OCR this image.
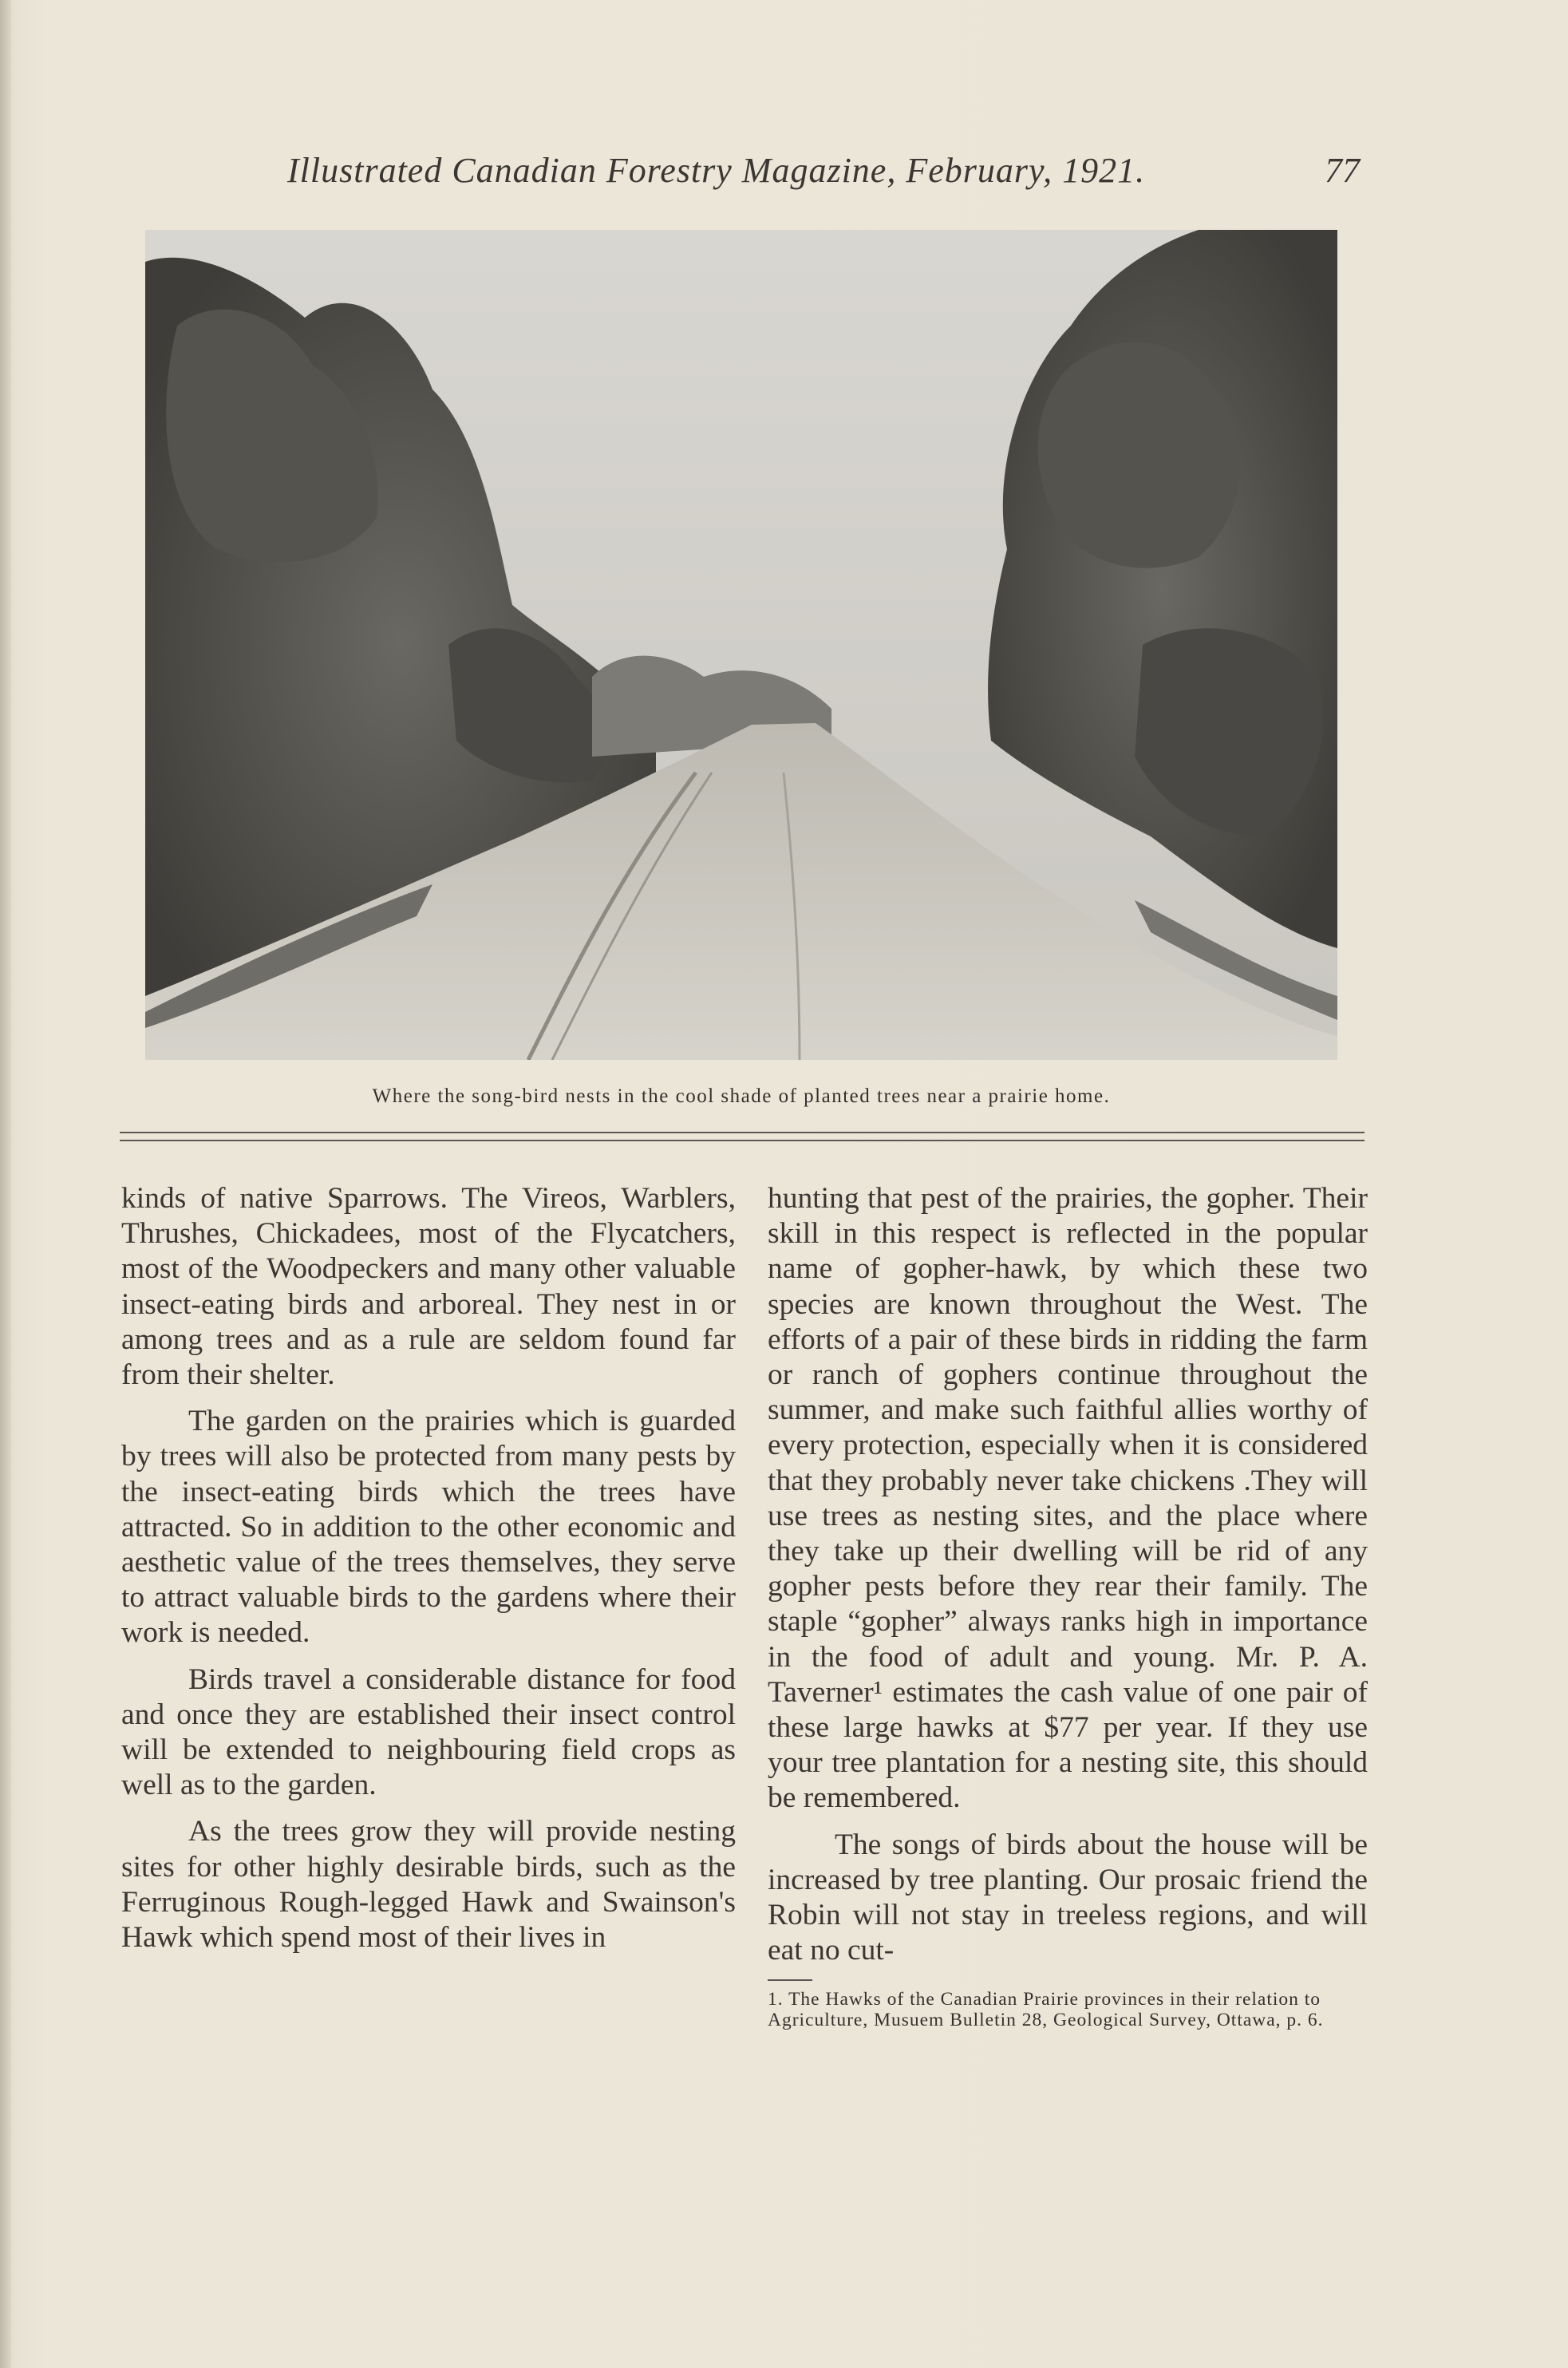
Illustrated Canadian Forestry Magazine, February, 1921.	77
Where the song-bird nests in the cool shade of planted trees near a prairie home.

kinds of native Sparrows. The Vireos, Warblers, Thrushes, Chickadees, most of the Flycatchers, most of the Woodpeckers and many other valuable insect-eating birds and arboreal. They nest in or among trees and as a rule are seldom found far from their shelter.

The garden on the prairies which is guarded by trees will also be protected from many pests by the insect-eating birds which the trees have attracted. So in addition to the other economic and aesthetic value of the trees themselves, they serve to attract valuable birds to the gardens where their work is needed.

Birds travel a considerable distance for food and once they are established their insect control will be extended to neighbouring field crops as well as to the garden.

As the trees grow they will provide nesting sites for other highly desirable birds, such as the Ferruginous Rough-legged Hawk and Swainson's Hawk which spend most of their lives in

hunting that pest of the prairies, the gopher. Their skill in this respect is reflected in the popular name of gopher-hawk, by which these two species are known throughout the West. The efforts of a pair of these birds in ridding the farm or ranch of gophers continue throughout the summer, and make such faithful allies worthy of every protection, especially when it is considered that they probably never take chickens .They will use trees as nesting sites, and the place where they take up their dwelling will be rid of any gopher pests before they rear their family. The staple “gopher” always ranks high in importance in the food of adult and young. Mr. P. A. Taverner¹ estimates the cash value of one pair of these large hawks at $77 per year. If they use your tree plantation for a nesting site, this should be remembered.

The songs of birds about the house will be increased by tree planting. Our prosaic friend the Robin will not stay in treeless regions, and will eat no cut-

1. The Hawks of the Canadian Prairie provinces in their relation to Agriculture, Musuem Bulletin 28, Geological Survey, Ottawa, p. 6.
